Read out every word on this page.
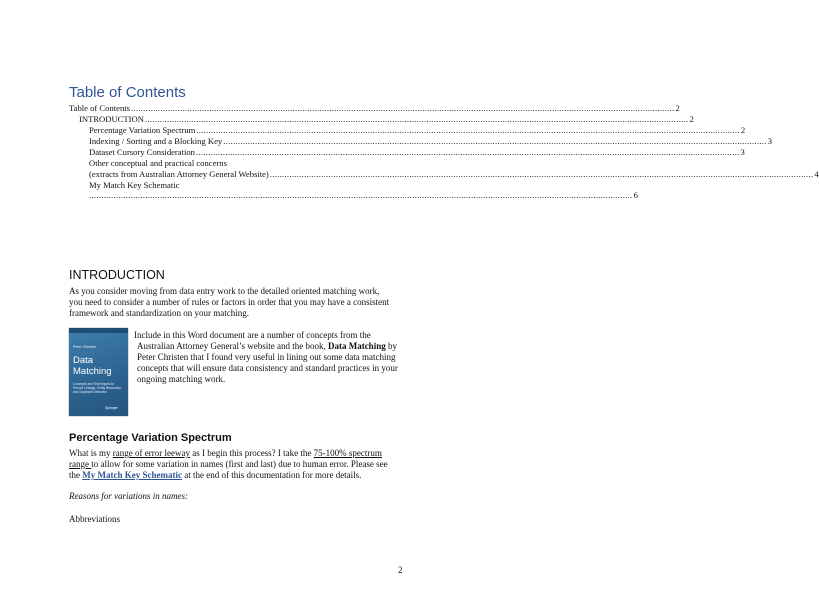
Table of Contents
Table of Contents .............................................................................................................................................................................................................................. 2
INTRODUCTION .............................................................................................................................................................................................................................. 2
Percentage Variation Spectrum .............................................................................................................................................................................................................................. 2
Indexing / Sorting and a Blocking Key .............................................................................................................................................................................................................................. 3
Dataset Cursory Consideration .............................................................................................................................................................................................................................. 3
Other conceptual and practical concerns
(extracts from Australian Attorney General Website) .............................................................................................................................................................................................................................. 4
My Match Key Schematic
.............................................................................................................................................................................................................................. 6
INTRODUCTION
As you consider moving from data entry work to the detailed oriented matching work,
you need to consider a number of rules or factors in order that you may have a consistent
framework and standardization on your matching.
Peter Christen
Data
Matching
Concepts and Techniques for Record Linkage, Entity Resolution, and Duplicate Detection
Springer
Include in this Word document are a number of concepts from the
Australian Attorney General’s website and the book, Data Matching by
Peter Christen that I found very useful in lining out some data matching
concepts that will ensure data consistency and standard practices in your
ongoing matching work.
Percentage Variation Spectrum
What is my range of error leeway as I begin this process? I take the 75-100% spectrum
range to allow for some variation in names (first and last) due to human error. Please see
the My Match Key Schematic at the end of this documentation for more details.
Reasons for variations in names:
Abbreviations
2
